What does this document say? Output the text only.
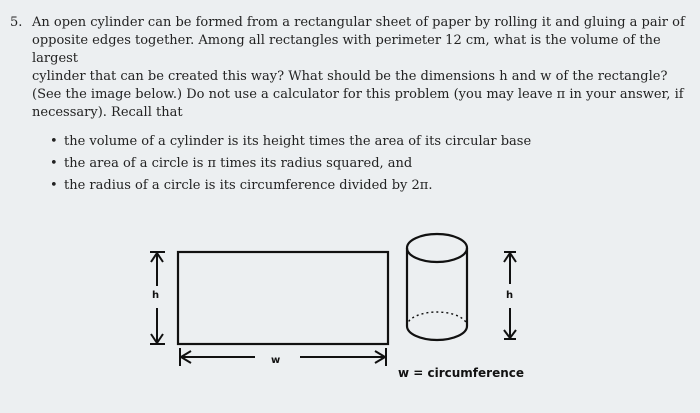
5. An open cylinder can be formed from a rectangular sheet of paper by rolling it and gluing a pair of

opposite edges together. Among all rectangles with perimeter 12 cm, what is the volume of the largest

cylinder that can be created this way? What should be the dimensions h and w of the rectangle?

(See the image below.) Do not use a calculator for this problem (you may leave π in your answer, if

necessary). Recall that

• the volume of a cylinder is its height times the area of its circular base
• the area of a circle is π times its radius squared, and
• the radius of a circle is its circumference divided by 2π.
h
w
h
w = circumference
